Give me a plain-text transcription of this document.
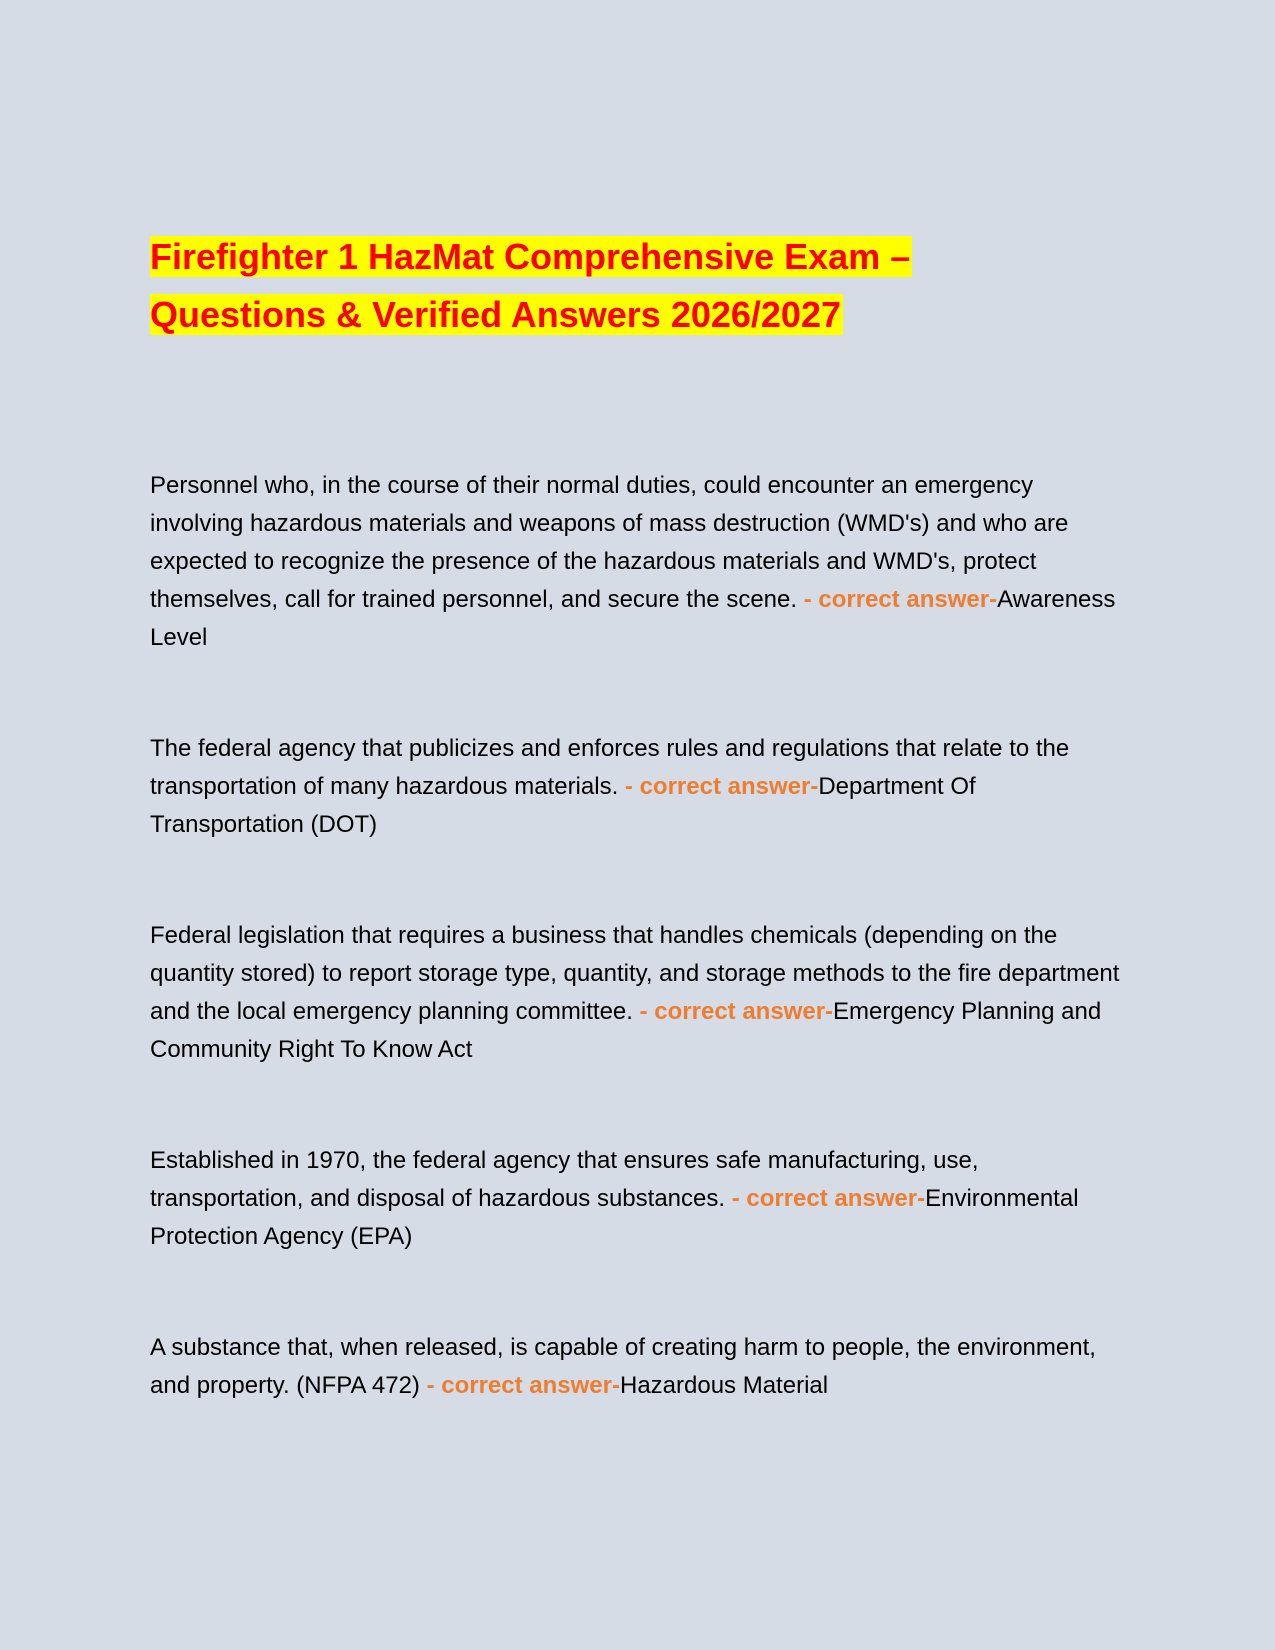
Firefighter 1 HazMat Comprehensive Exam –
Questions & Verified Answers 2026/2027

Personnel who, in the course of their normal duties, could encounter an emergency involving hazardous materials and weapons of mass destruction (WMD's) and who are expected to recognize the presence of the hazardous materials and WMD's, protect themselves, call for trained personnel, and secure the scene. - correct answer-Awareness Level

The federal agency that publicizes and enforces rules and regulations that relate to the transportation of many hazardous materials. - correct answer-Department Of Transportation (DOT)

Federal legislation that requires a business that handles chemicals (depending on the quantity stored) to report storage type, quantity, and storage methods to the fire department and the local emergency planning committee. - correct answer-Emergency Planning and Community Right To Know Act

Established in 1970, the federal agency that ensures safe manufacturing, use, transportation, and disposal of hazardous substances. - correct answer-Environmental Protection Agency (EPA)

A substance that, when released, is capable of creating harm to people, the environment, and property. (NFPA 472) - correct answer-Hazardous Material
